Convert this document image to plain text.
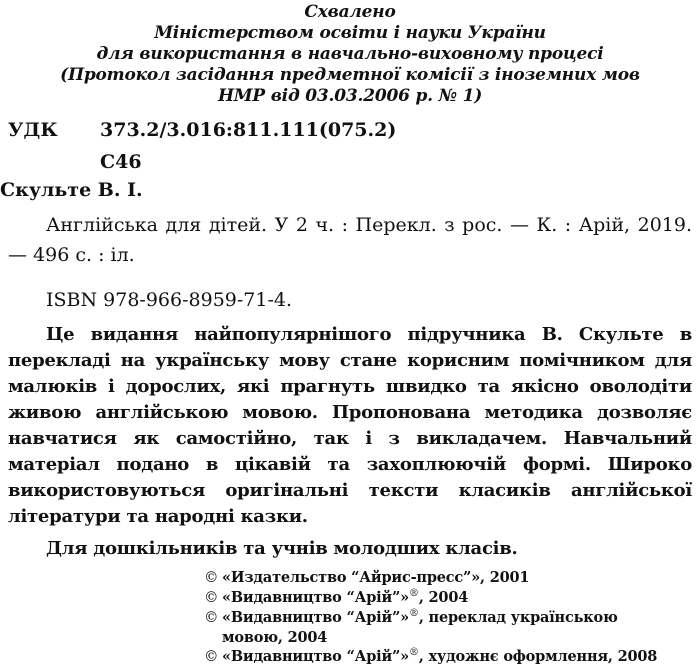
Схвалено
Міністерством освіти і науки України
для використання в навчально-виховному процесі
(Протокол засідання предметної комісії з іноземних мов
НМР від 03.03.2006 р. № 1)
УДК 373.2/3.016:811.111(075.2)
С46
Скульте В. І.
Англійська для дітей. У 2 ч. : Перекл. з рос. — К. : Арій, 2019. — 496 с. : іл.
ISBN 978-966-8959-71-4.
Це видання найпопулярнішого підручника В. Скульте в перекладі на українську мову стане корисним помічником для малюків і дорослих, які прагнуть швидко та якісно оволодіти живою англійською мовою. Пропонована методика дозволяє навчатися як самостійно, так і з викладачем. Навчальний матеріал подано в цікавій та захоплюючій формі. Широко використовуються оригінальні тексти класиків англійської літератури та народні казки.
Для дошкільників та учнів молодших класів.
© «Издательство “Айрис-пресс”», 2001
© «Видавництво “Арій”»®, 2004
© «Видавництво “Арій”»®, переклад українською
мовою, 2004
© «Видавництво “Арій”»®, художнє оформлення, 2008
